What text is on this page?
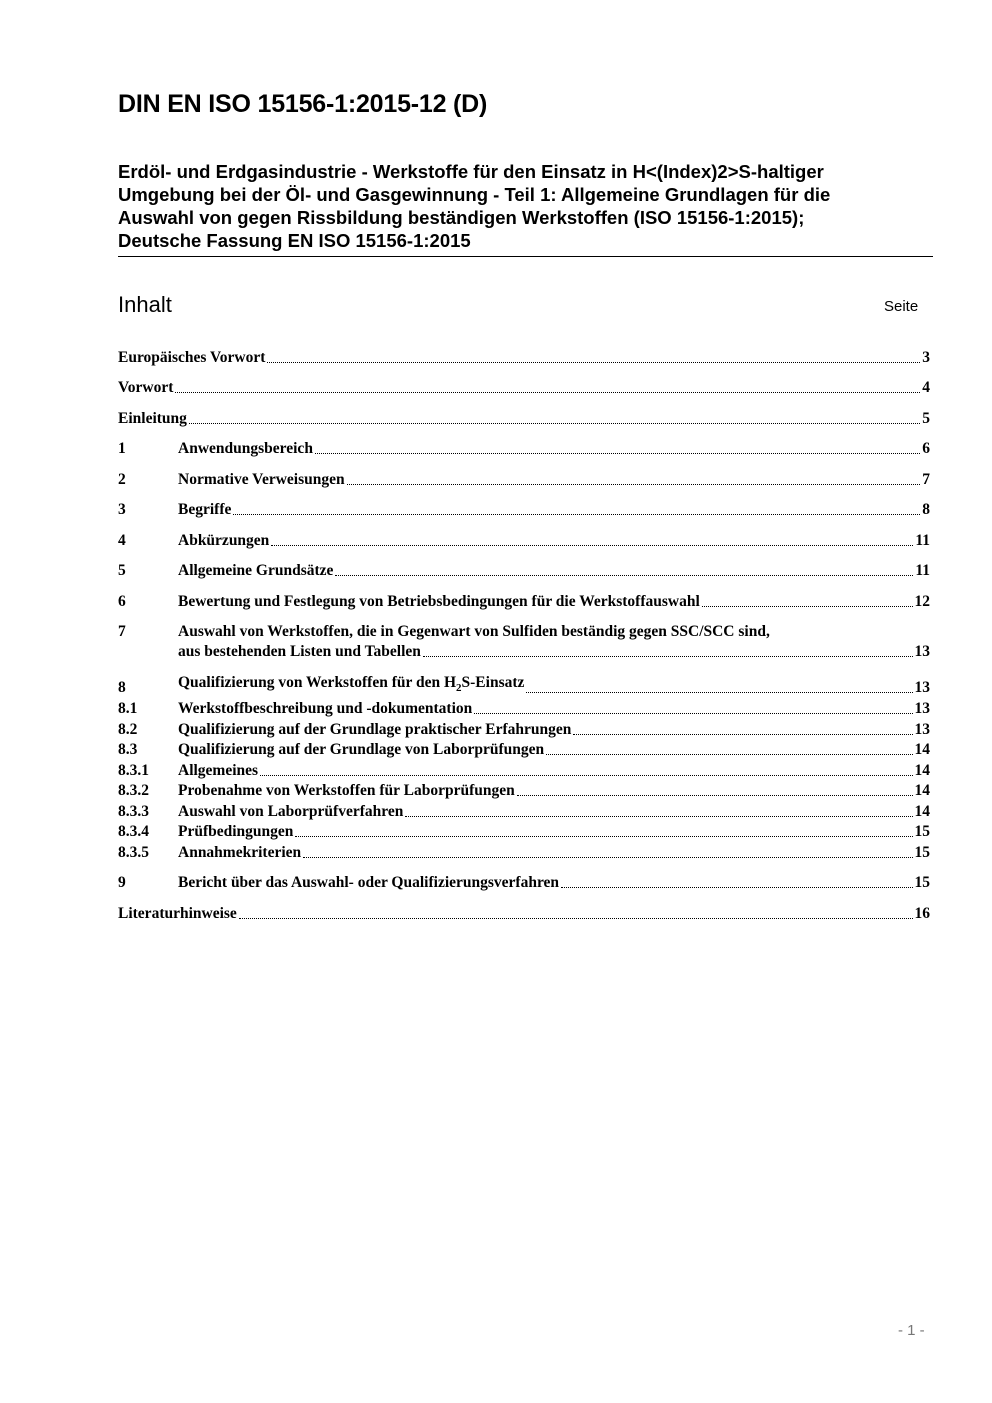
DIN EN ISO 15156-1:2015-12 (D)
Erdöl- und Erdgasindustrie - Werkstoffe für den Einsatz in H<(Index)2>S-haltiger
Umgebung bei der Öl- und Gasgewinnung - Teil 1: Allgemeine Grundlagen für die
Auswahl von gegen Rissbildung beständigen Werkstoffen (ISO 15156-1:2015);
Deutsche Fassung EN ISO 15156-1:2015
Inhalt	Seite
Europäisches Vorwort	3
Vorwort	4
Einleitung	5
1	Anwendungsbereich	6
2	Normative Verweisungen	7
3	Begriffe	8
4	Abkürzungen	11
5	Allgemeine Grundsätze	11
6	Bewertung und Festlegung von Betriebsbedingungen für die Werkstoffauswahl	12
7	Auswahl von Werkstoffen, die in Gegenwart von Sulfiden beständig gegen SSC/SCC sind,
aus bestehenden Listen und Tabellen	13
8	Qualifizierung von Werkstoffen für den $H_2S$-Einsatz	13
8.1	Werkstoffbeschreibung und -dokumentation	13
8.2	Qualifizierung auf der Grundlage praktischer Erfahrungen	13
8.3	Qualifizierung auf der Grundlage von Laborprüfungen	14
8.3.1	Allgemeines	14
8.3.2	Probenahme von Werkstoffen für Laborprüfungen	14
8.3.3	Auswahl von Laborprüfverfahren	14
8.3.4	Prüfbedingungen	15
8.3.5	Annahmekriterien	15
9	Bericht über das Auswahl- oder Qualifizierungsverfahren	15
Literaturhinweise	16
- 1 -
